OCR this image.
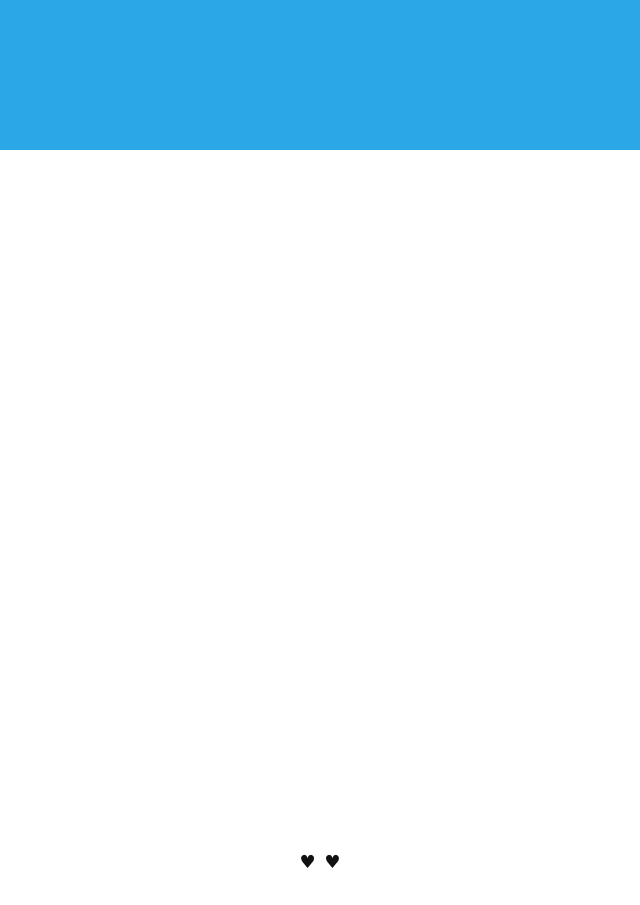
♥ ♥
